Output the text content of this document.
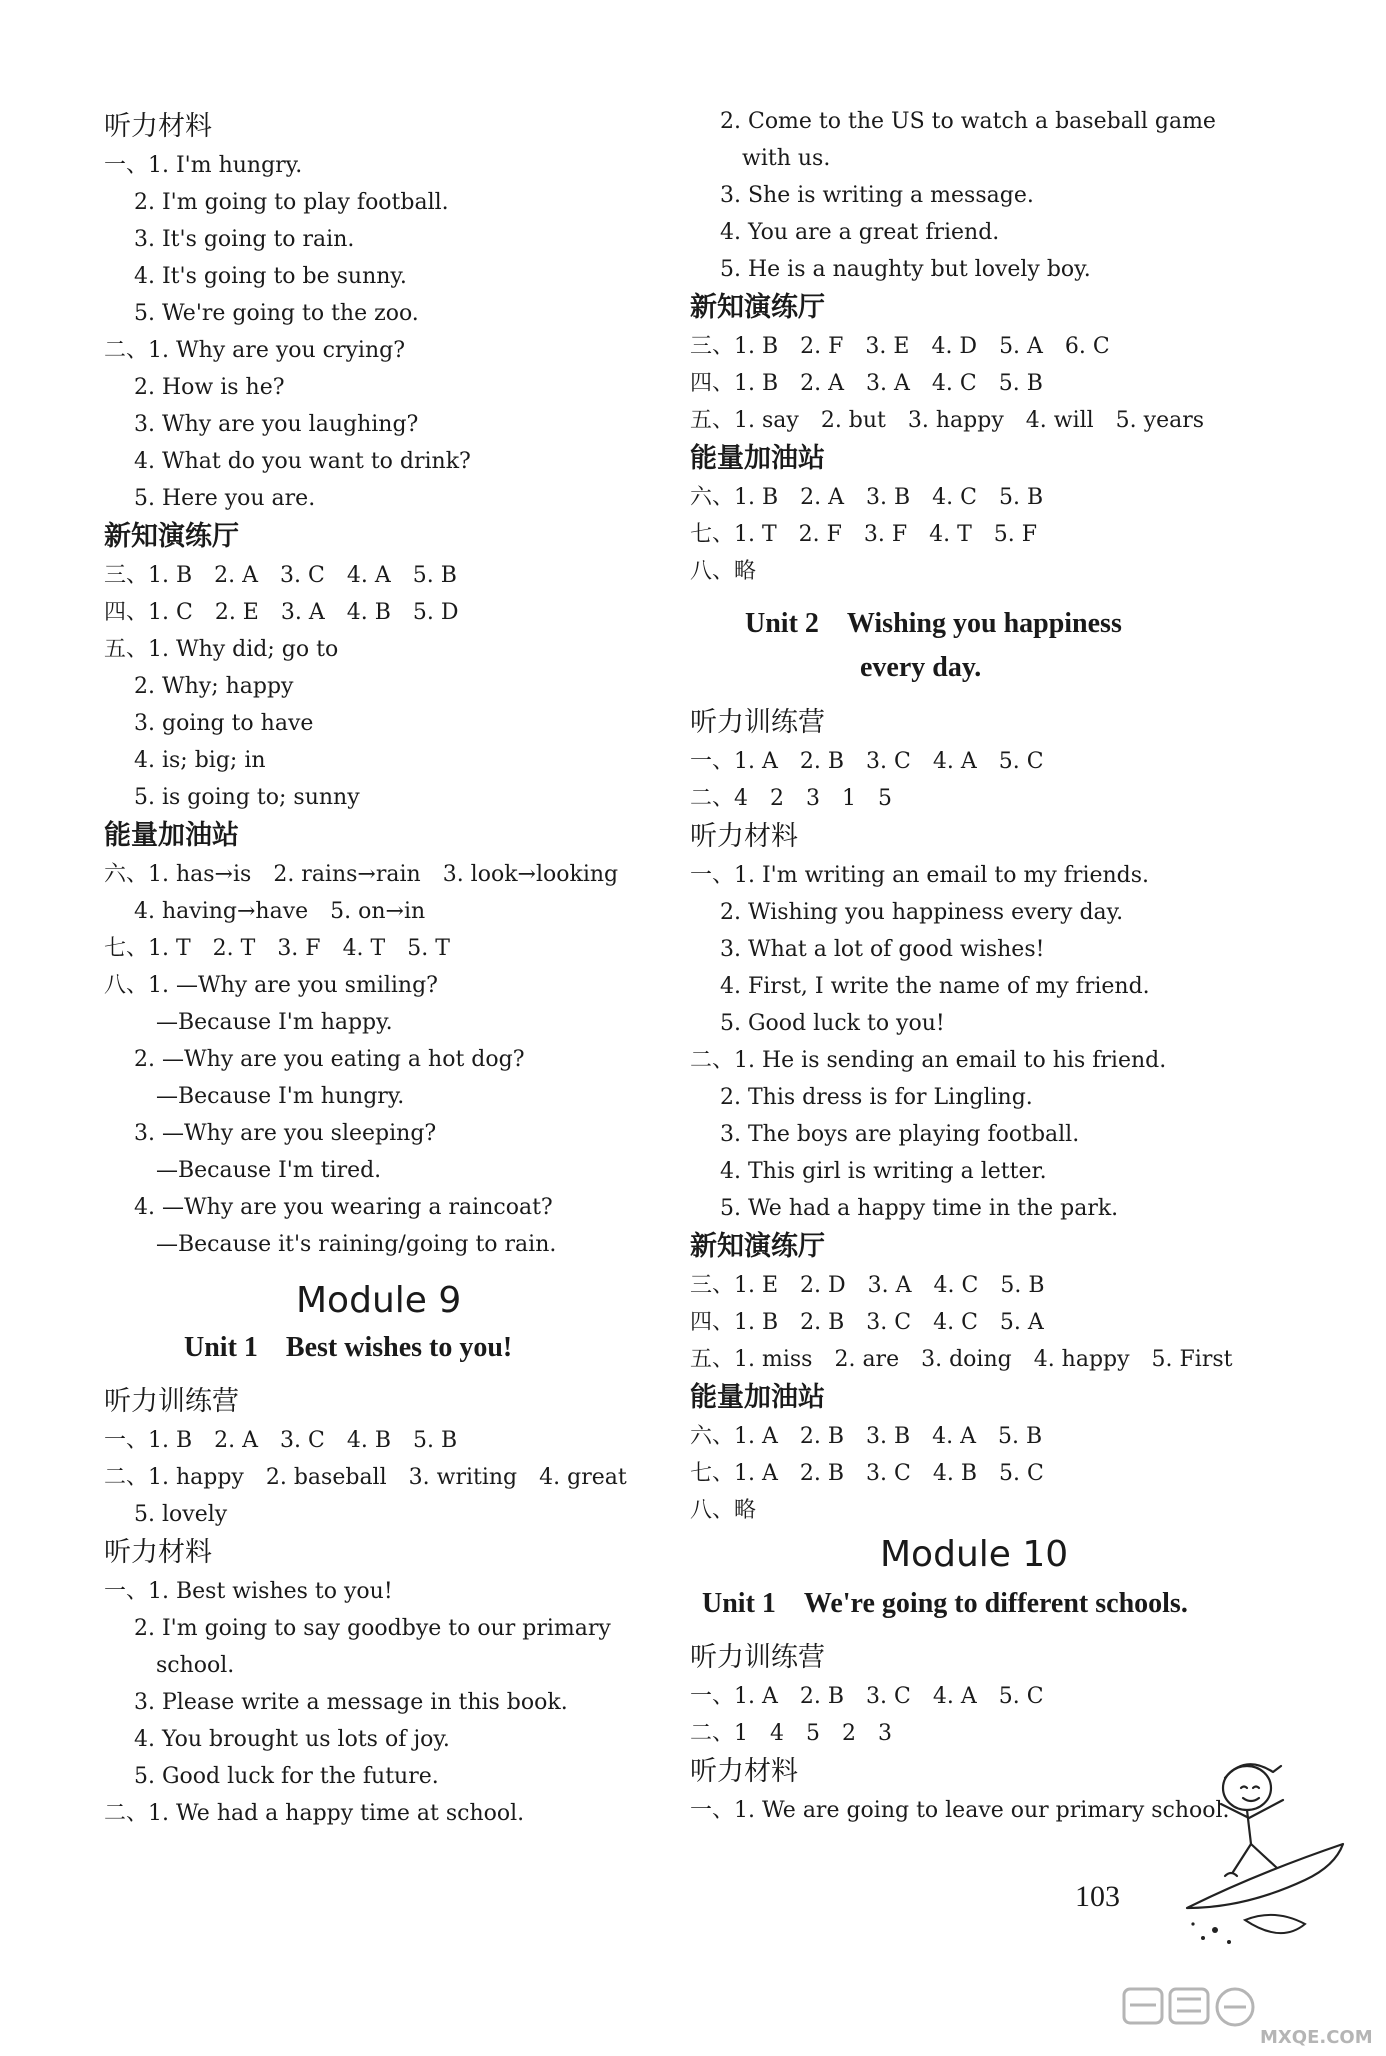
听力材料
一、1. I'm hungry.
2. I'm going to play football.
3. It's going to rain.
4. It's going to be sunny.
5. We're going to the zoo.
二、1. Why are you crying?
2. How is he?
3. Why are you laughing?
4. What do you want to drink?
5. Here you are.
新知演练厅
三、1. B　2. A　3. C　4. A　5. B
四、1. C　2. E　3. A　4. B　5. D
五、1. Why did; go to
2. Why; happy
3. going to have
4. is; big; in
5. is going to; sunny
能量加油站
六、1. has→is　2. rains→rain　3. look→looking
4. having→have　5. on→in
七、1. T　2. T　3. F　4. T　5. T
八、1. —Why are you smiling?
—Because I'm happy.
2. —Why are you eating a hot dog?
—Because I'm hungry.
3. —Why are you sleeping?
—Because I'm tired.
4. —Why are you wearing a raincoat?
—Because it's raining/going to rain.
Module 9
Unit 1　Best wishes to you!
听力训练营
一、1. B　2. A　3. C　4. B　5. B
二、1. happy　2. baseball　3. writing　4. great
5. lovely
听力材料
一、1. Best wishes to you!
2. I'm going to say goodbye to our primary
school.
3. Please write a message in this book.
4. You brought us lots of joy.
5. Good luck for the future.
二、1. We had a happy time at school.
2. Come to the US to watch a baseball game
with us.
3. She is writing a message.
4. You are a great friend.
5. He is a naughty but lovely boy.
新知演练厅
三、1. B　2. F　3. E　4. D　5. A　6. C
四、1. B　2. A　3. A　4. C　5. B
五、1. say　2. but　3. happy　4. will　5. years
能量加油站
六、1. B　2. A　3. B　4. C　5. B
七、1. T　2. F　3. F　4. T　5. F
八、略
Unit 2　Wishing you happiness
every day.
听力训练营
一、1. A　2. B　3. C　4. A　5. C
二、4　2　3　1　5
听力材料
一、1. I'm writing an email to my friends.
2. Wishing you happiness every day.
3. What a lot of good wishes!
4. First, I write the name of my friend.
5. Good luck to you!
二、1. He is sending an email to his friend.
2. This dress is for Lingling.
3. The boys are playing football.
4. This girl is writing a letter.
5. We had a happy time in the park.
新知演练厅
三、1. E　2. D　3. A　4. C　5. B
四、1. B　2. B　3. C　4. C　5. A
五、1. miss　2. are　3. doing　4. happy　5. First
能量加油站
六、1. A　2. B　3. B　4. A　5. B
七、1. A　2. B　3. C　4. B　5. C
八、略
Module 10
Unit 1　We're going to different schools.
听力训练营
一、1. A　2. B　3. C　4. A　5. C
二、1　4　5　2　3
听力材料
一、1. We are going to leave our primary school.
103
MXQE.COM
